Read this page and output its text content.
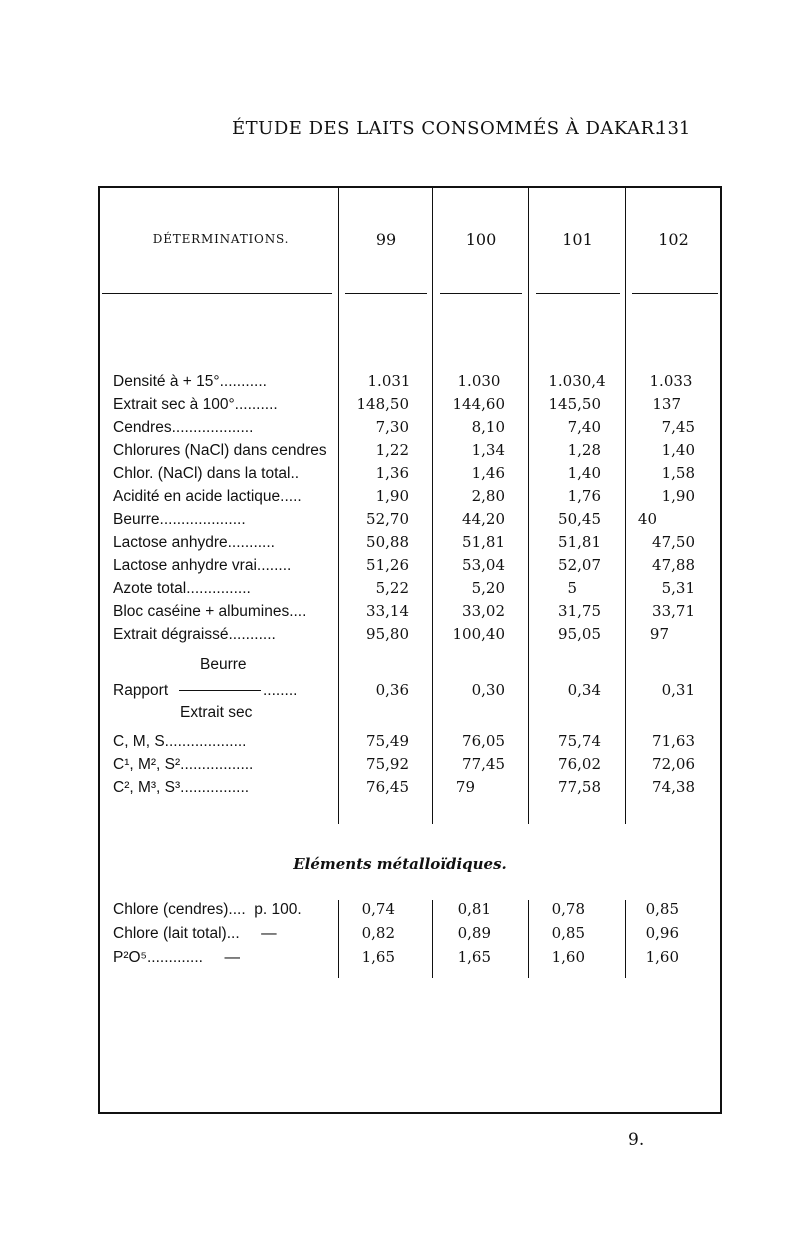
ÉTUDE DES LAITS CONSOMMÉS À DAKAR.
131
DÉTERMINATIONS.	99	100	101	102
Densité à + 15°...........	1.031	1.030	1.030,4	1.033
Extrait sec à 100°..........	148,50	144,60	145,50	137
Cendres...................	7,30	8,10	7,40	7,45
Chlorures (NaCl) dans cendres	1,22	1,34	1,28	1,40
Chlor. (NaCl) dans la total..	1,36	1,46	1,40	1,58
Acidité en acide lactique.....	1,90	2,80	1,76	1,90
Beurre....................	52,70	44,20	50,45	40
Lactose anhydre...........	50,88	51,81	51,81	47,50
Lactose anhydre vrai........	51,26	53,04	52,07	47,88
Azote total...............	5,22	5,20	5	5,31
Bloc caséine + albumines....	33,14	33,02	31,75	33,71
Extrait dégraissé...........	95,80	100,40	95,05	97
Beurre
Rapport	........	0,36	0,30	0,34	0,31
Extrait sec
C, M, S...................	75,49	76,05	75,74	71,63
C¹, M², S².................	75,92	77,45	76,02	72,06
C², M³, S³................	76,45	79	77,58	74,38
Eléments métalloïdiques.
Chlore (cendres)....  p. 100.	0,74	0,81	0,78	0,85
Chlore (lait total)...     —	0,82	0,89	0,85	0,96
P²O⁵.............     —	1,65	1,65	1,60	1,60
9.
